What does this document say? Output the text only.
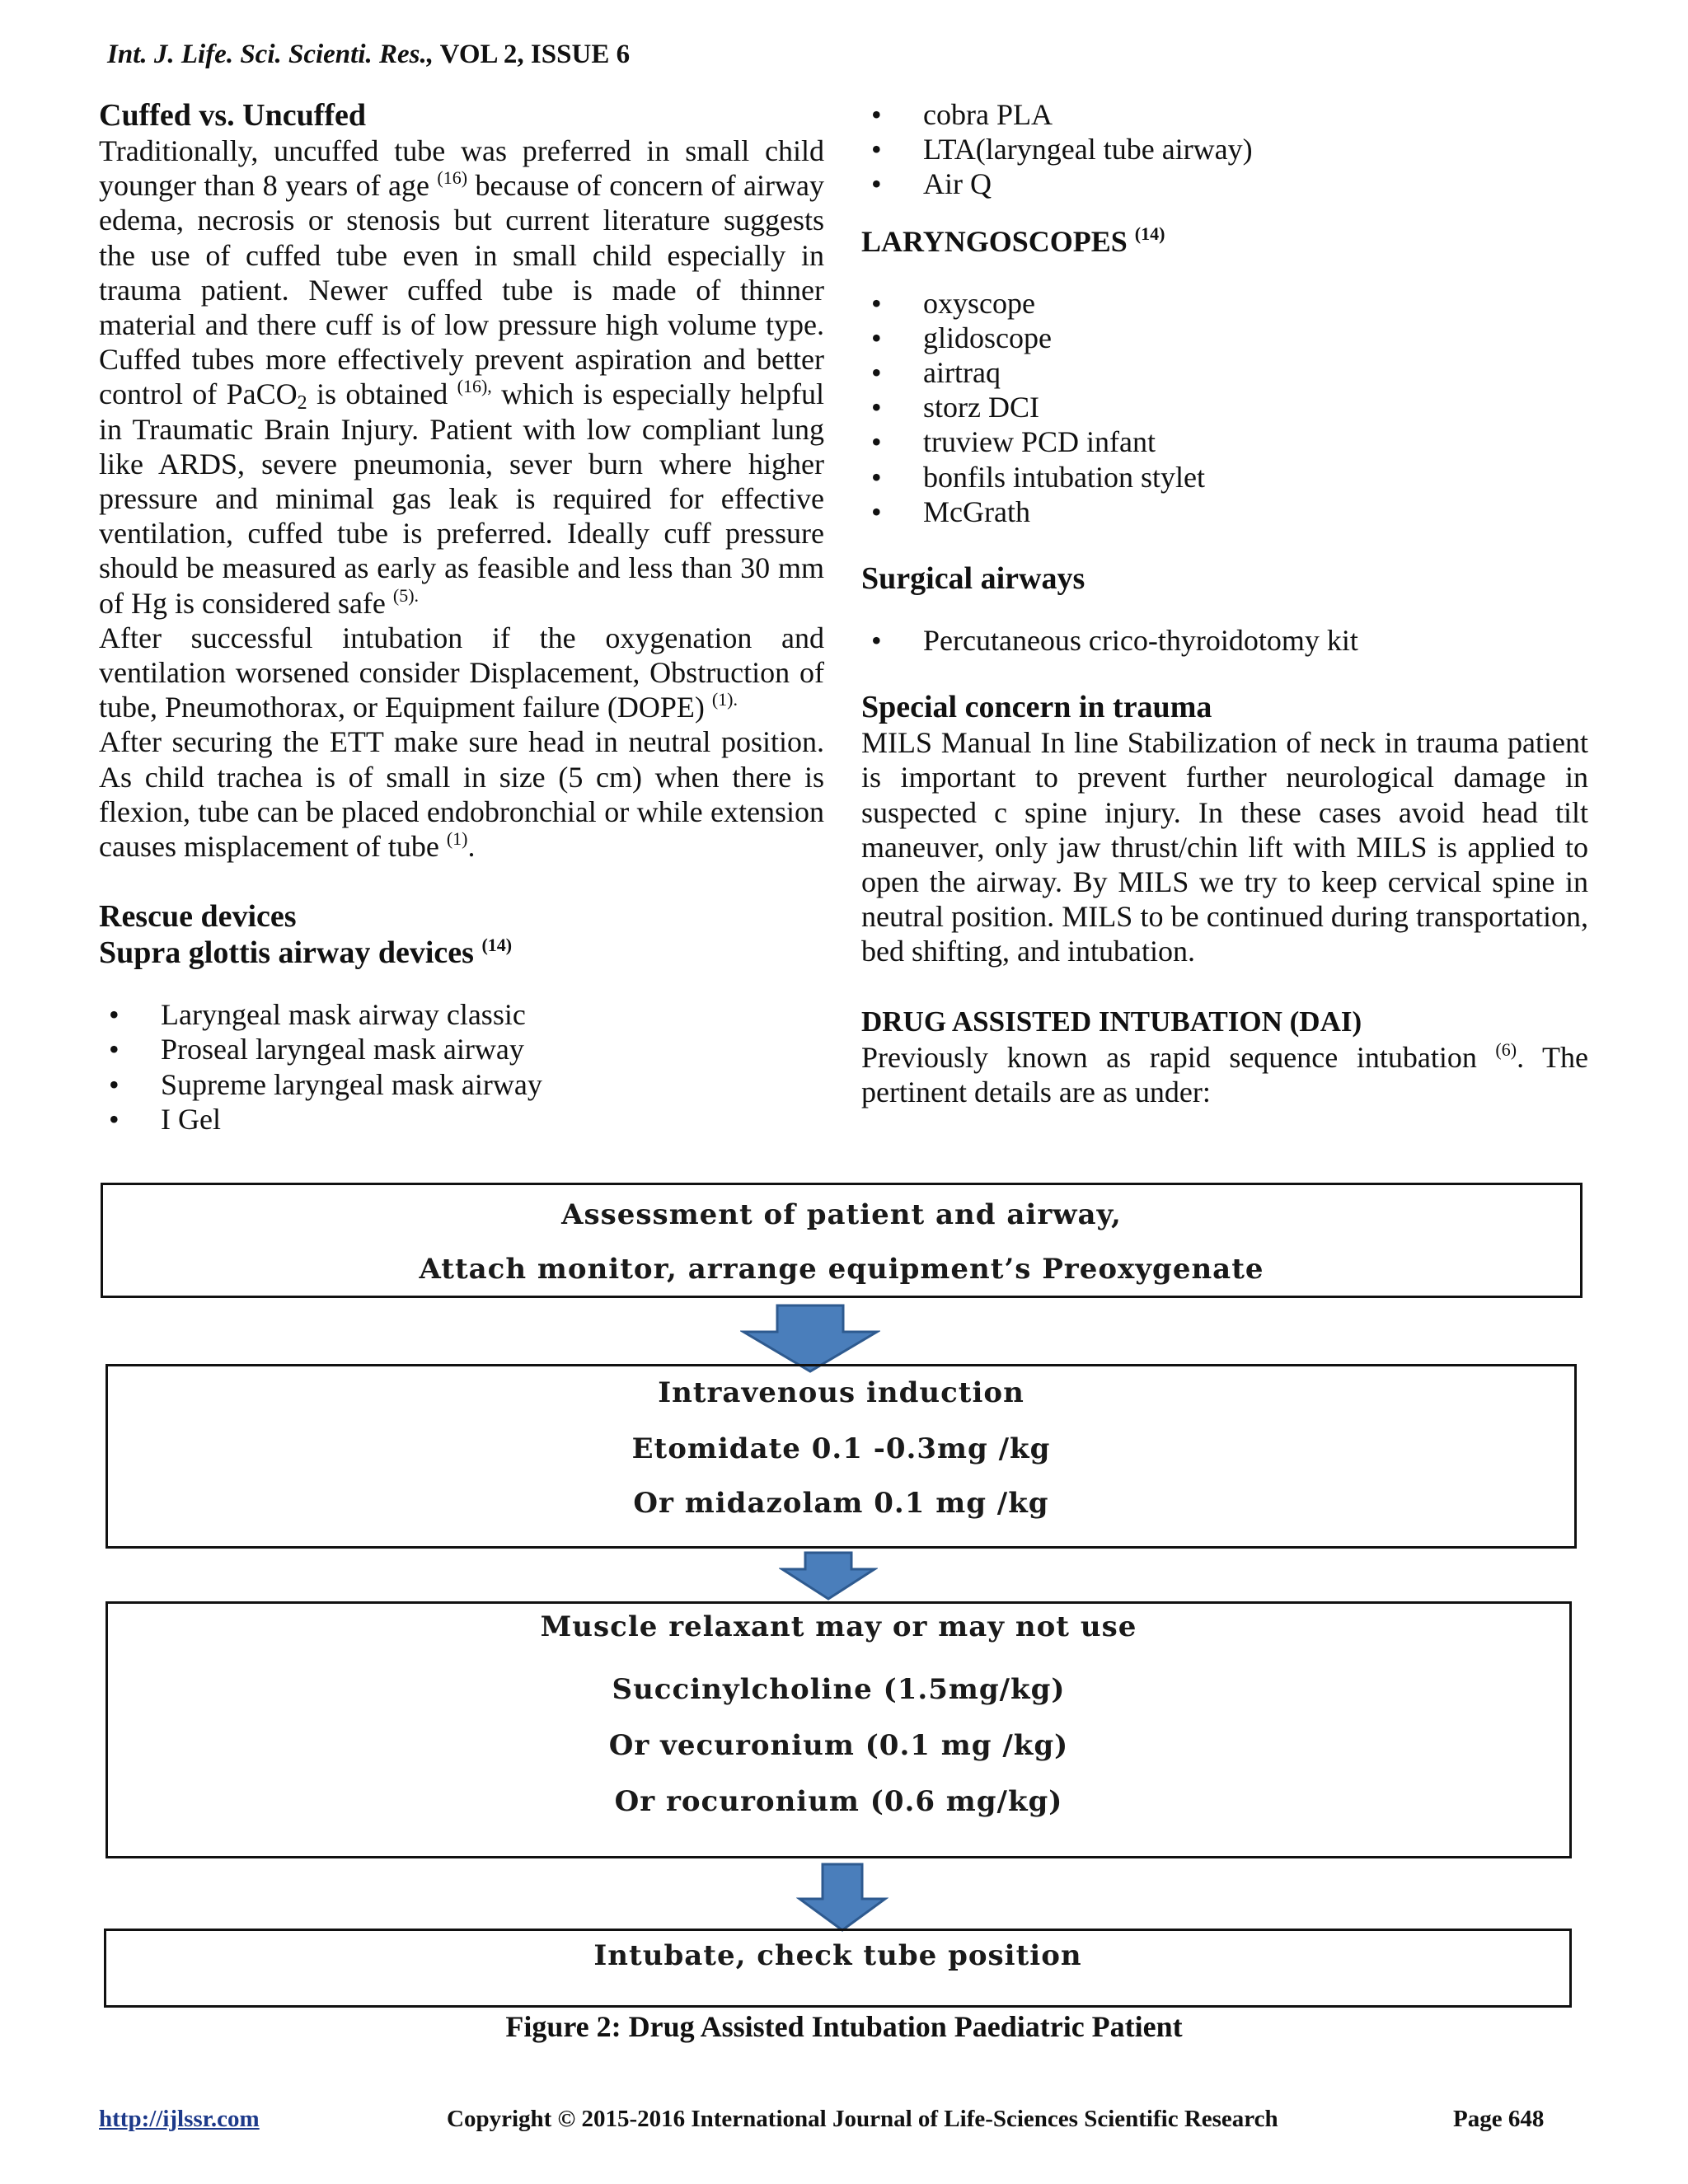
Int. J. Life. Sci. Scienti. Res., VOL 2, ISSUE 6
Cuffed vs. Uncuffed

Traditionally, uncuffed tube was preferred in small child younger than 8 years of age $^{(16)}$ because of concern of airway edema, necrosis or stenosis but current literature suggests the use of cuffed tube even in small child especially in trauma patient. Newer cuffed tube is made of thinner material and there cuff is of low pressure high volume type. Cuffed tubes more effectively prevent aspiration and better control of PaCO$_2$ is obtained $^{(16),}$ which is especially helpful in Traumatic Brain Injury. Patient with low compliant lung like ARDS, severe pneumonia, sever burn where higher pressure and minimal gas leak is required for effective ventilation, cuffed tube is preferred. Ideally cuff pressure should be measured as early as feasible and less than 30 mm of Hg is considered safe $^{(5).}$

After successful intubation if the oxygenation and ventilation worsened consider Displacement, Obstruction of tube, Pneumothorax, or Equipment failure (DOPE) $^{(1).}$

After securing the ETT make sure head in neutral position. As child trachea is of small in size (5 cm) when there is flexion, tube can be placed endobronchial or while extension causes misplacement of tube $^{(1)}$.

Rescue devices
Supra glottis airway devices $^{(14)}$
• Laryngeal mask airway classic
• Proseal laryngeal mask airway
• Supreme laryngeal mask airway
• I Gel
• cobra PLA
• LTA(laryngeal tube airway)
• Air Q
LARYNGOSCOPES $^{(14)}$
• oxyscope
• glidoscope
• airtraq
• storz DCI
• truview PCD infant
• bonfils intubation stylet
• McGrath
Surgical airways
• Percutaneous crico-thyroidotomy kit
Special concern in trauma

MILS Manual In line Stabilization of neck in trauma patient is important to prevent further neurological damage in suspected c spine injury. In these cases avoid head tilt maneuver, only jaw thrust/chin lift with MILS is applied to open the airway. By MILS we try to keep cervical spine in neutral position. MILS to be continued during transportation, bed shifting, and intubation.

DRUG ASSISTED INTUBATION (DAI)

Previously known as rapid sequence intubation $^{(6)}$. The pertinent details are as under:

Assessment of patient and airway,
Attach monitor, arrange equipment’s Preoxygenate
Intravenous induction
Etomidate 0.1 -0.3mg /kg
Or midazolam 0.1 mg /kg
Muscle relaxant may or may not use
Succinylcholine (1.5mg/kg)
Or vecuronium (0.1 mg /kg)
Or rocuronium (0.6 mg/kg)
Intubate, check tube position
Figure 2: Drug Assisted Intubation Paediatric Patient
http://ijlssr.com	Copyright © 2015-2016 International Journal of Life-Sciences Scientific Research	Page 648
